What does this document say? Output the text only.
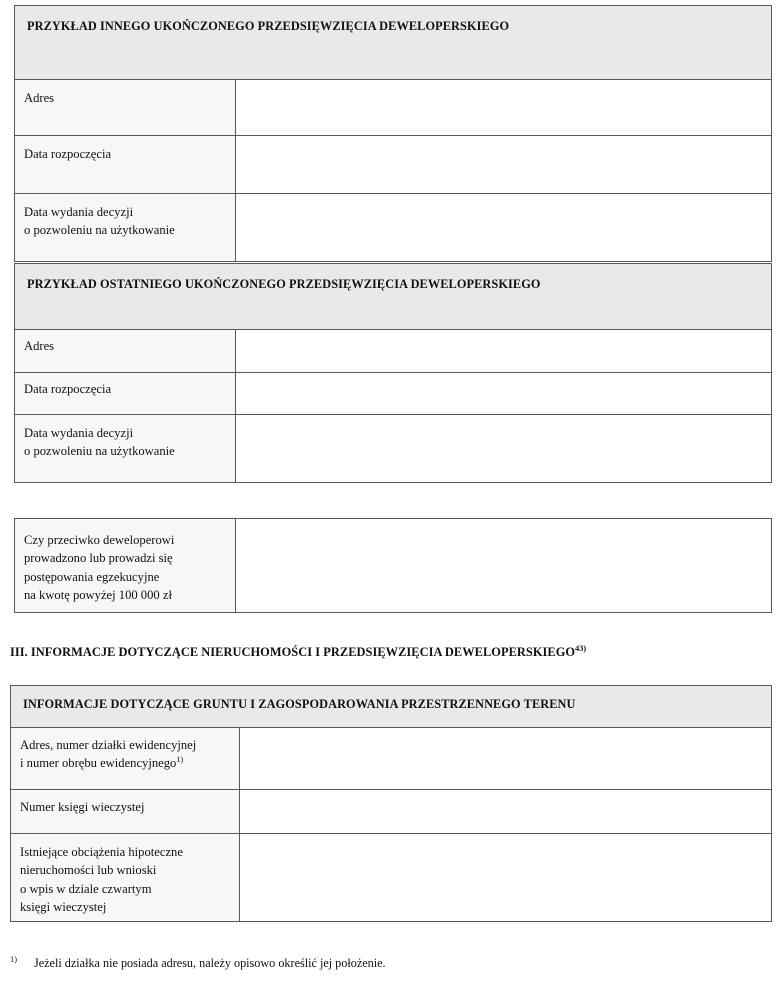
PRZYKŁAD INNEGO UKOŃCZONEGO PRZEDSIĘWZIĘCIA DEWELOPERSKIEGO
Adres
Data rozpoczęcia
Data wydania decyzji
o pozwoleniu na użytkowanie
PRZYKŁAD OSTATNIEGO UKOŃCZONEGO PRZEDSIĘWZIĘCIA DEWELOPERSKIEGO
Adres
Data rozpoczęcia
Data wydania decyzji
o pozwoleniu na użytkowanie
Czy przeciwko deweloperowi
prowadzono lub prowadzi się
postępowania egzekucyjne
na kwotę powyżej 100 000 zł
III. INFORMACJE DOTYCZĄCE NIERUCHOMOŚCI I PRZEDSIĘWZIĘCIA DEWELOPERSKIEGO$^{43)}$
INFORMACJE DOTYCZĄCE GRUNTU I ZAGOSPODAROWANIA PRZESTRZENNEGO TERENU
Adres, numer działki ewidencyjnej
i numer obrębu ewidencyjnego$^{1)}$
Numer księgi wieczystej
Istniejące obciążenia hipoteczne
nieruchomości lub wnioski
o wpis w dziale czwartym
księgi wieczystej
$^{1)}$ Jeżeli działka nie posiada adresu, należy opisowo określić jej położenie.
